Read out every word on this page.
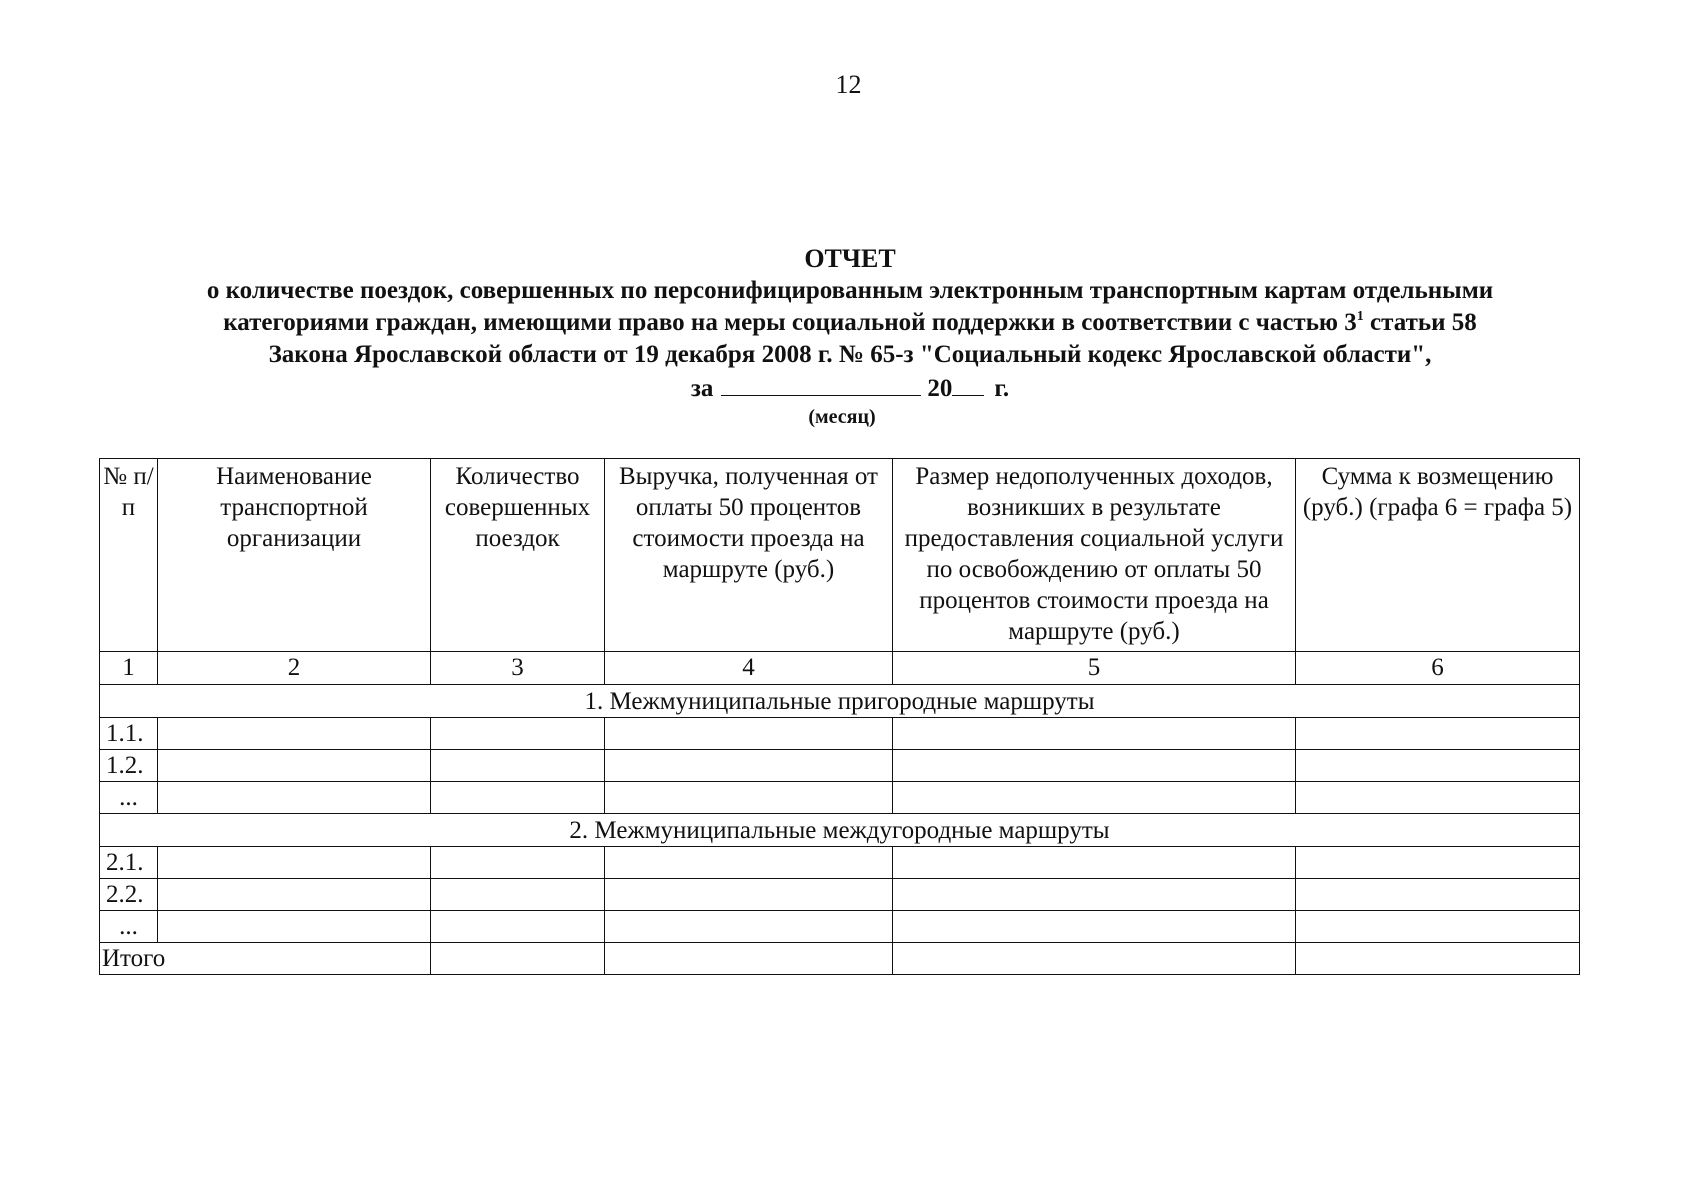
12
ОТЧЕТ
о количестве поездок, совершенных по персонифицированным электронным транспортным картам отдельными
категориями граждан, имеющими право на меры социальной поддержки в соответствии с частью $3^1$ статьи 58
Закона Ярославской области от 19 декабря 2008 г. № 65-з "Социальный кодекс Ярославской области",
за	20 г.
(месяц)
№ п/п	Наименование транспортной организации	Количество совершенных поездок	Выручка, полученная от оплаты 50 процентов стоимости проезда на маршруте (руб.)	Размер недополученных доходов, возникших в результате предоставления социальной услуги по освобождению от оплаты 50 процентов стоимости проезда на маршруте (руб.)	Сумма к возмещению (руб.) (графа 6 = графа 5)
1	2	3	4	5	6
1. Межмуниципальные пригородные маршруты					
1.1.					
1.2.					
...					
2. Межмуниципальные междугородные маршруты					
2.1.					
2.2.					
...					
Итого					
